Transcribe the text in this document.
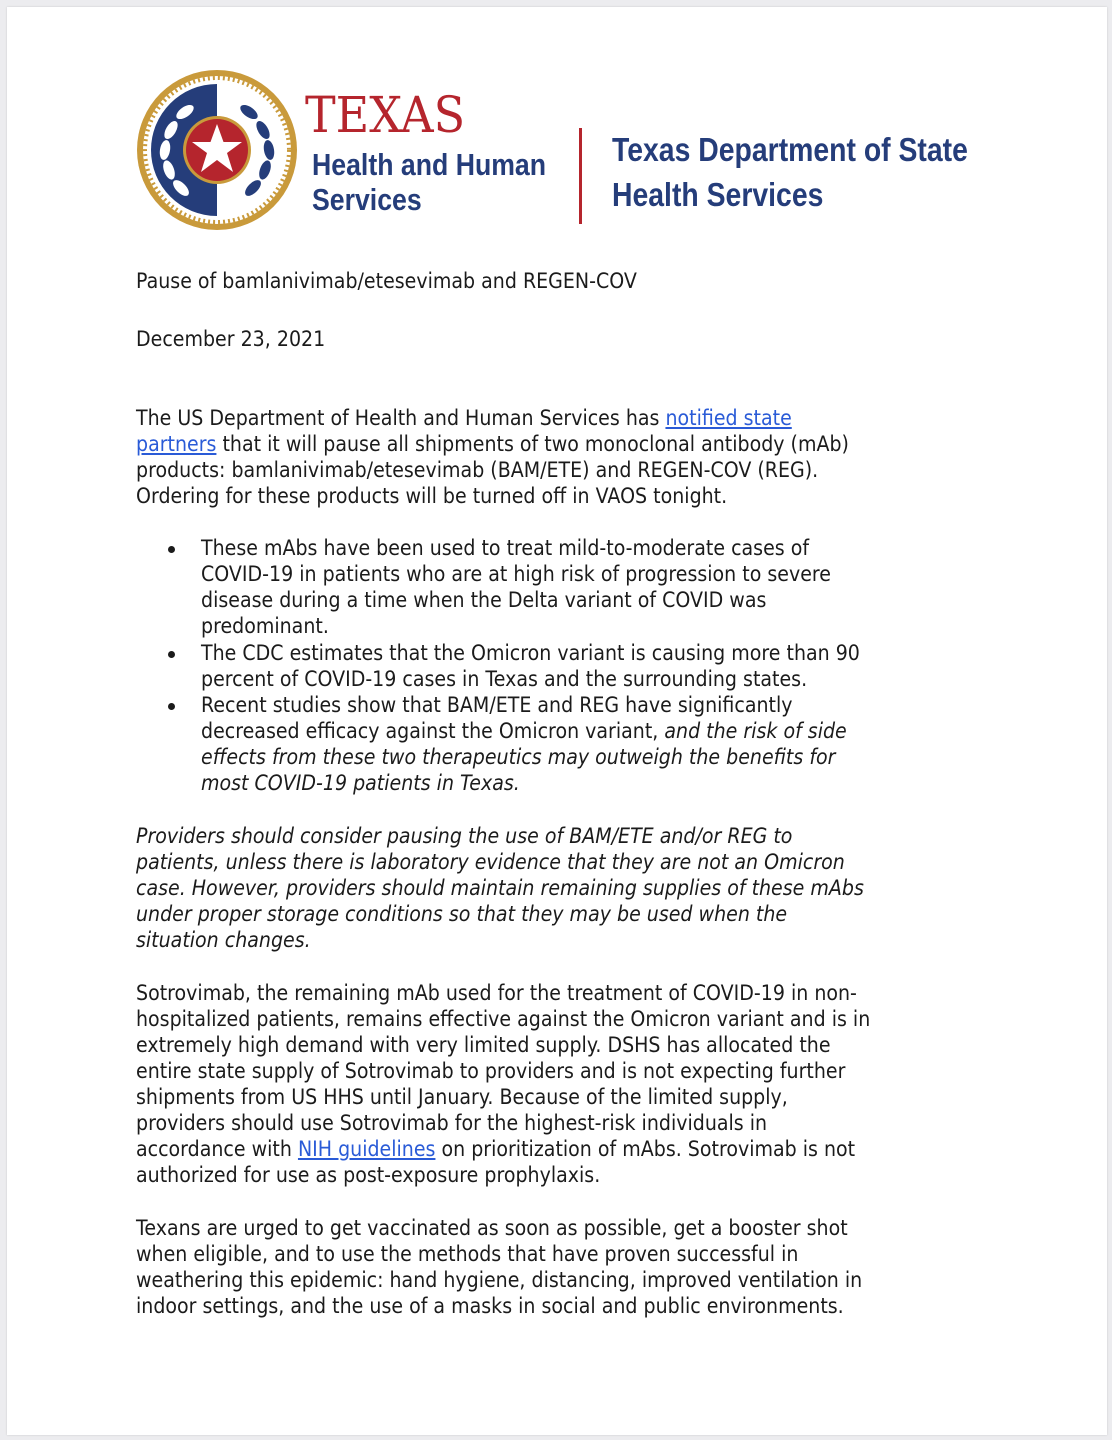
TEXAS
Health and Human
Services
Texas Department of State
Health Services
Pause of bamlanivimab/etesevimab and REGEN-COV
December 23, 2021
The US Department of Health and Human Services has notified state
partners that it will pause all shipments of two monoclonal antibody (mAb)
products: bamlanivimab/etesevimab (BAM/ETE) and REGEN-COV (REG).
Ordering for these products will be turned off in VAOS tonight.
These mAbs have been used to treat mild-to-moderate cases of
COVID-19 in patients who are at high risk of progression to severe
disease during a time when the Delta variant of COVID was
predominant.
The CDC estimates that the Omicron variant is causing more than 90
percent of COVID-19 cases in Texas and the surrounding states.
Recent studies show that BAM/ETE and REG have significantly
decreased efficacy against the Omicron variant, and the risk of side
effects from these two therapeutics may outweigh the benefits for
most COVID-19 patients in Texas.
Providers should consider pausing the use of BAM/ETE and/or REG to
patients, unless there is laboratory evidence that they are not an Omicron
case. However, providers should maintain remaining supplies of these mAbs
under proper storage conditions so that they may be used when the
situation changes.
Sotrovimab, the remaining mAb used for the treatment of COVID-19 in non-
hospitalized patients, remains effective against the Omicron variant and is in
extremely high demand with very limited supply. DSHS has allocated the
entire state supply of Sotrovimab to providers and is not expecting further
shipments from US HHS until January. Because of the limited supply,
providers should use Sotrovimab for the highest-risk individuals in
accordance with NIH guidelines on prioritization of mAbs. Sotrovimab is not
authorized for use as post-exposure prophylaxis.
Texans are urged to get vaccinated as soon as possible, get a booster shot
when eligible, and to use the methods that have proven successful in
weathering this epidemic: hand hygiene, distancing, improved ventilation in
indoor settings, and the use of a masks in social and public environments.
